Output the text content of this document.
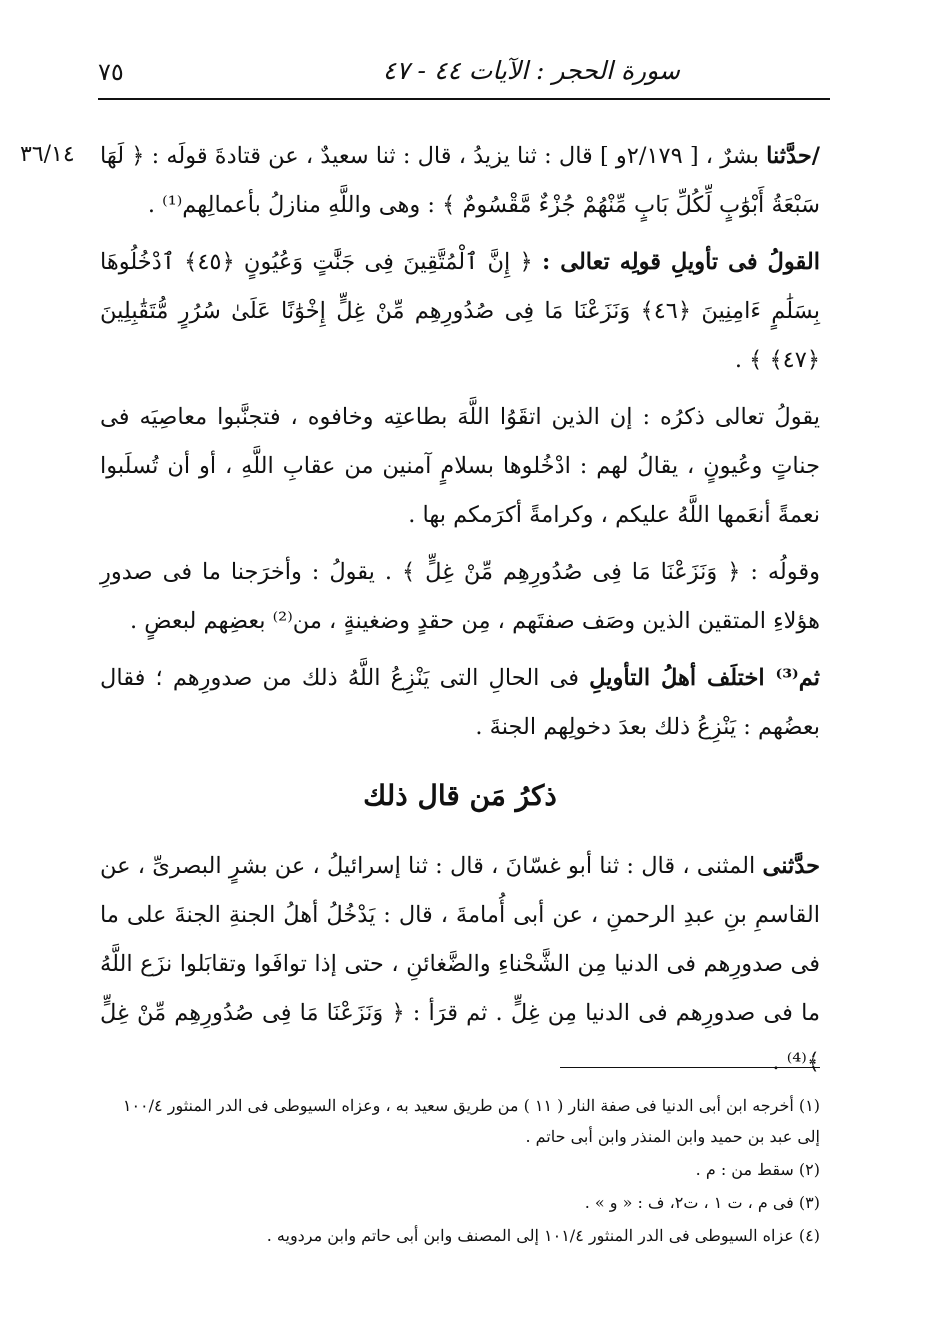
سورة الحجر : الآيات ٤٤ - ٤٧
٧٥
٣٦/١٤	/حدَّثنا بشرٌ ، [ ٢/١٧٩و ] قال : ثنا يزيدُ ، قال : ثنا سعيدٌ ، عن قتادةَ قولَه : ﴿ لَهَا سَبْعَةُ أَبْوَٰبٍ لِّكُلِّ بَابٍ مِّنْهُمْ جُزْءٌ مَّقْسُومٌ ﴾ : وهى واللَّهِ منازلُ بأعمالِهم⁽¹⁾ .

القولُ فى تأويلِ قولِه تعالى : ﴿ إِنَّ ٱلْمُتَّقِينَ فِى جَنَّٰتٍ وَعُيُونٍ ﴿٤٥﴾ ٱدْخُلُوهَا بِسَلَٰمٍ ءَامِنِينَ ﴿٤٦﴾ وَنَزَعْنَا مَا فِى صُدُورِهِم مِّنْ غِلٍّ إِخْوَٰنًا عَلَىٰ سُرُرٍ مُّتَقَٰبِلِينَ ﴿٤٧﴾ ﴾ .

يقولُ تعالى ذكرُه : إن الذين اتقَوُا اللَّهَ بطاعتِه وخافوه ، فتجنَّبوا معاصِيَه فى جناتٍ وعُيونٍ ، يقالُ لهم : ادْخُلوها بسلامٍ آمنين من عقابِ اللَّهِ ، أو أن تُسلَبوا نعمةً أنعَمها اللَّهُ عليكم ، وكرامةً أكرَمكم بها .

وقولُه : ﴿ وَنَزَعْنَا مَا فِى صُدُورِهِم مِّنْ غِلٍّ ﴾ . يقولُ : وأخرَجنا ما فى صدورِ هؤلاءِ المتقين الذين وصَف صفتَهم ، مِن حقدٍ وضغينةٍ ، من⁽²⁾ بعضِهم لبعضٍ .

ثم⁽³⁾ اختلَف أهلُ التأويلِ فى الحالِ التى يَنْزِعُ اللَّهُ ذلك من صدورِهم ؛ فقال بعضُهم : يَنْزِعُ ذلك بعدَ دخولِهم الجنةَ .

ذكرُ مَن قال ذلك

حدَّثنى المثنى ، قال : ثنا أبو غسّانَ ، قال : ثنا إسرائيلُ ، عن بشرٍ البصرىِّ ، عن القاسمِ بنِ عبدِ الرحمنِ ، عن أبى أُمامةَ ، قال : يَدْخُلُ أهلُ الجنةِ الجنةَ على ما فى صدورِهم فى الدنيا مِن الشَّحْناءِ والضَّغائنِ ، حتى إذا توافَوا وتقابَلوا نزَع اللَّهُ ما فى صدورِهم فى الدنيا مِن غِلٍّ . ثم قرَأ : ﴿ وَنَزَعْنَا مَا فِى صُدُورِهِم مِّنْ غِلٍّ ﴾⁽⁴⁾ .

(١) أخرجه ابن أبى الدنيا فى صفة النار ( ١١ ) من طريق سعيد به ، وعزاه السيوطى فى الدر المنثور ١٠٠/٤ إلى عبد بن حميد وابن المنذر وابن أبى حاتم .

(٢) سقط من : م .

(٣) فى م ، ت ١ ، ت٢، ف : « و » .

(٤) عزاه السيوطى فى الدر المنثور ١٠١/٤ إلى المصنف وابن أبى حاتم وابن مردويه .
